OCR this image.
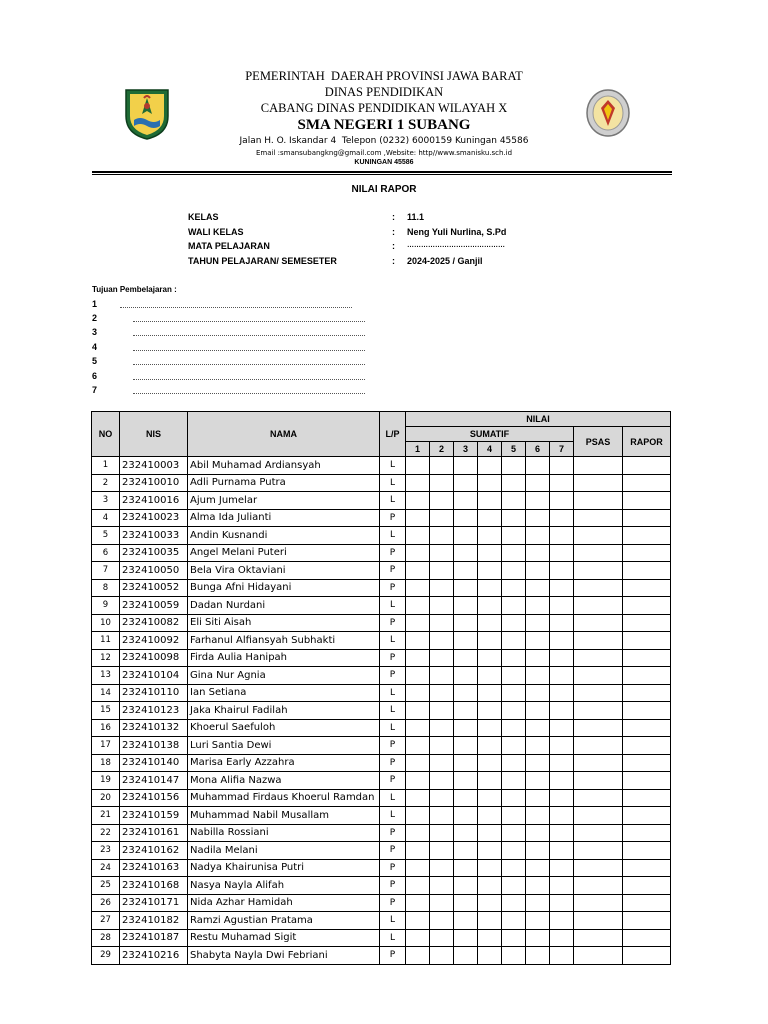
PEMERINTAH  DAERAH PROVINSI JAWA BARAT
DINAS PENDIDIKAN
CABANG DINAS PENDIDIKAN WILAYAH X
SMA NEGERI 1 SUBANG
Jalan H. O. Iskandar 4  Telepon (0232) 6000159 Kuningan 45586
Email :smansubangkng@gmail.com ,Website: http//www.smanisku.sch.id
KUNINGAN 45586
NILAI RAPOR
KELAS	: 11.1
WALI KELAS	: Neng Yuli Nurlina, S.Pd
MATA PELAJARAN	: ……………………………………
TAHUN PELAJARAN/ SEMESETER	: 2024-2025 / Ganjil
Tujuan Pembelajaran :
1
2
3
4
5
6
7
NO	NIS	NAMA	L/P	NILAI								
				SUMATIF							PSAS	RAPOR
				1	2	3	4	5	6	7		
1	232410003	Abil Muhamad Ardiansyah	L									
2	232410010	Adli Purnama Putra	L									
3	232410016	Ajum Jumelar	L									
4	232410023	Alma Ida Julianti	P									
5	232410033	Andin Kusnandi	L									
6	232410035	Angel Melani Puteri	P									
7	232410050	Bela Vira Oktaviani	P									
8	232410052	Bunga Afni Hidayani	P									
9	232410059	Dadan Nurdani	L									
10	232410082	Eli Siti Aisah	P									
11	232410092	Farhanul Alfiansyah Subhakti	L									
12	232410098	Firda Aulia Hanipah	P									
13	232410104	Gina Nur Agnia	P									
14	232410110	Ian Setiana	L									
15	232410123	Jaka Khairul Fadilah	L									
16	232410132	Khoerul Saefuloh	L									
17	232410138	Luri Santia Dewi	P									
18	232410140	Marisa Early Azzahra	P									
19	232410147	Mona Alifia Nazwa	P									
20	232410156	Muhammad Firdaus Khoerul Ramdan	L									
21	232410159	Muhammad Nabil Musallam	L									
22	232410161	Nabilla Rossiani	P									
23	232410162	Nadila Melani	P									
24	232410163	Nadya Khairunisa Putri	P									
25	232410168	Nasya Nayla Alifah	P									
26	232410171	Nida Azhar Hamidah	P									
27	232410182	Ramzi Agustian Pratama	L									
28	232410187	Restu Muhamad Sigit	L									
29	232410216	Shabyta Nayla Dwi Febriani	P									
